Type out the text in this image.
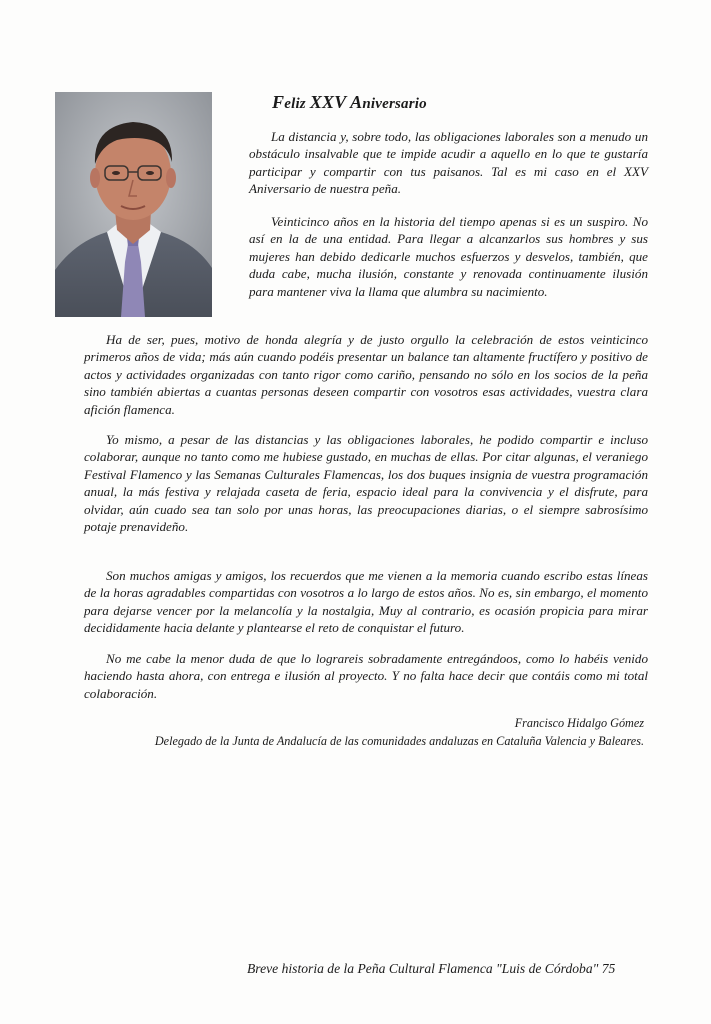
Feliz XXV Aniversario

La distancia y, sobre todo, las obligaciones laborales son a menudo un obstáculo insalvable que te impide acudir a aquello en lo que te gustaría participar y compartir con tus paisanos. Tal es mi caso en el XXV Aniversario de nuestra peña.

Veinticinco años en la historia del tiempo apenas si es un suspiro. No así en la de una entidad. Para llegar a alcanzarlos sus hombres y sus mujeres han debido dedicarle muchos esfuerzos y desvelos, también, que duda cabe, mucha ilusión, constante y renovada continuamente ilusión para mantener viva la llama que alumbra su nacimiento.

Ha de ser, pues, motivo de honda alegría y de justo orgullo la celebración de estos veinticinco primeros años de vida; más aún cuando podéis presentar un balance tan altamente fructífero y positivo de actos y actividades organizadas con tanto rigor como cariño, pensando no sólo en los socios de la peña sino también abiertas a cuantas personas deseen compartir con vosotros esas actividades, vuestra clara afición flamenca.

Yo mismo, a pesar de las distancias y las obligaciones laborales, he podido compartir e incluso colaborar, aunque no tanto como me hubiese gustado, en muchas de ellas. Por citar algunas, el veraniego Festival Flamenco y las Semanas Culturales Flamencas, los dos buques insignia de vuestra programación anual, la más festiva y relajada caseta de feria, espacio ideal para la convivencia y el disfrute, para olvidar, aún cuado sea tan solo por unas horas, las preocupaciones diarias, o el siempre sabrosísimo potaje prenavideño.

Son muchos amigas y amigos, los recuerdos que me vienen a la memoria cuando escribo estas líneas de la horas agradables compartidas con vosotros a lo largo de estos años. No es, sin embargo, el momento para dejarse vencer por la melancolía y la nostalgia, Muy al contrario, es ocasión propicia para mirar decididamente hacia delante y plantearse el reto de conquistar el futuro.

No me cabe la menor duda de que lo lograreis sobradamente entregándoos, como lo habéis venido haciendo hasta ahora, con entrega e ilusión al proyecto. Y no falta hace decir que contáis como mi total colaboración.

Francisco Hidalgo Gómez
Delegado de la Junta de Andalucía de las comunidades andaluzas en Cataluña Valencia y Baleares.
Breve historia de la Peña Cultural Flamenca "Luis de Córdoba" 75
